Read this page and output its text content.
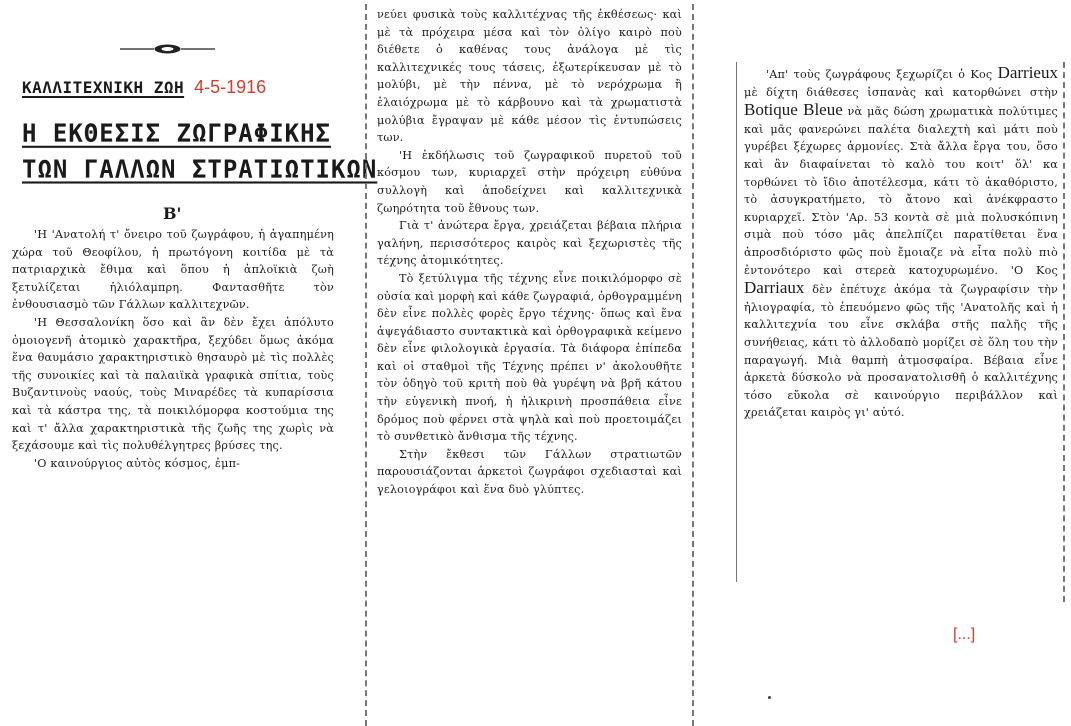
ΚΑΛΛΙΤΕΧΝΙΚΗ ΖΩΗ 4-5-1916
Η ΕΚΘΕΣΙΣ ΖΩΓΡΑΦΙΚΗΣ
ΤΩΝ ΓΑΛΛΩΝ ΣΤΡΑΤΙΩΤΙΚΩΝ
Β'

'Η 'Ανατολή τ' ὄνειρο τοῦ ζωγράφου, ἡ ἀγαπημένη χώρα τοῦ Θεοφίλου, ἡ πρωτόγονη κοιτίδα μὲ τὰ πατριαρχικὰ ἔθιμα καὶ ὅπου ἡ ἀπλοϊκιὰ ζωὴ ξετυλίζεται ἡλιόλαμπρη. Φαντασθῆτε τὸν ἐνθουσιασμὸ τῶν Γάλλων καλλιτεχνῶν.

'Η Θεσσαλονίκη ὅσο καὶ ἂν δὲν ἔχει ἀπόλυτο ὁμοιογενῆ ἀτομικὸ χαρακτῆρα, ξεχύδει ὅμως ἀκόμα ἕνα θαυμάσιο χαρακτηριστικὸ θησαυρὸ μὲ τὶς πολλὲς τῆς συνοικίες καὶ τὰ παλαιϊκὰ γραφικὰ σπίτια, τοὺς Βυζαντινοὺς ναούς, τοὺς Μιναρέδες τὰ κυπαρίσσια καὶ τὰ κάστρα της, τὰ ποικιλόμορφα κοστούμια της καὶ τ' ἄλλα χαρακτηριστικὰ τῆς ζωῆς της χωρὶς νὰ ξεχάσουμε καὶ τὶς πολυθέλγητρες βρύσες της.

'Ο καινούργιος αὐτὸς κόσμος, ἐμπ-

νεύει φυσικὰ τοὺς καλλιτέχνας τῆς ἐκθέσεως· καὶ μὲ τὰ πρόχειρα μέσα καὶ τὸν ὀλίγο καιρὸ ποὺ διέθετε ὁ καθένας τους ἀνάλογα μὲ τὶς καλλιτεχνικές τους τάσεις, ἐξωτερίκευσαν μὲ τὸ μολύβι, μὲ τὴν πέννα, μὲ τὸ νερόχρωμα ἢ ἐλαιόχρωμα μὲ τὸ κάρβουνο καὶ τὰ χρωματιστὰ μολύβια ἔγραψαν μὲ κάθε μέσον τὶς ἐντυπώσεις των.

'Η ἐκδήλωσις τοῦ ζωγραφικοῦ πυρετοῦ τοῦ κόσμου των, κυριαρχεῖ στὴν πρόχειρη εὐθύνα συλλογὴ καὶ ἀποδείχνει καὶ καλλιτεχνικὰ ζωηρότητα τοῦ ἔθνους των.

Γιὰ τ' ἀνώτερα ἔργα, χρειάζεται βέβαια πλήρια γαλήνη, περισσότερος καιρὸς καὶ ξεχωριστὲς τῆς τέχνης ἀτομικότητες.

Τὸ ξετύλιγμα τῆς τέχνης εἶνε ποικιλόμορφο σὲ οὐσία καὶ μορφὴ καὶ κάθε ζωγραφιά, ὀρθογραμμένη δὲν εἶνε πολλὲς φορὲς ἔργο τέχνης· ὅπως καὶ ἕνα ἀψεγάδιαστο συντακτικὰ καὶ ὀρθογραφικὰ κείμενο δὲν εἶνε φιλολογικὰ ἐργασία. Τὰ διάφορα ἐπίπεδα καὶ οἱ σταθμοὶ τῆς Τέχνης πρέπει ν' ἀκολουθῆτε τὸν ὁδηγὸ τοῦ κριτὴ ποὺ θὰ γυρέψη νὰ βρῆ κάτου τὴν εὐγενικὴ πνοή, ἡ ἠλικρινὴ προσπάθεια εἶνε δρόμος ποὺ φέρνει στὰ ψηλὰ καὶ ποὺ προετοιμάζει τὸ συνθετικὸ ἄνθισμα τῆς τέχνης.

Στὴν ἔκθεσι τῶν Γάλλων στρατιωτῶν παρουσιάζονται ἀρκετοὶ ζωγράφοι σχεδιασταὶ καὶ γελοιογράφοι καὶ ἕνα δυὸ γλύπτες.

'Απ' τοὺς ζωγράφους ξεχωρίζει ὁ Κος Darrieux μὲ δίχτη διάθεσες ἰσπανὰς καὶ κατορθώνει στὴν Botique Bleue νὰ μᾶς δώση χρωματικὰ πολύτιμες καὶ μᾶς φανερώνει παλέτα διαλεχτὴ καὶ μάτι ποὺ γυρέβει ξέχωρες ἁρμονίες. Στὰ ἄλλα ἔργα του, ὅσο καὶ ἂν διαφαίνεται τὸ καλὸ του κοιτ' ὅλ' κα τορθώνει τὸ ἴδιο ἀποτέλεσμα, κάτι τὸ ἀκαθόριστο, τὸ ἀσυγκρατήμετο, τὸ ἄτονο καὶ ἀνέκφραστο κυριαρχεῖ. Στὸν 'Αρ. 53 κοντὰ σὲ μιὰ πολυσκόπινη σιμὰ ποὺ τόσο μᾶς ἀπελπίζει παρατίθεται ἕνα ἀπροσδιόριστο φῶς ποὺ ἔμοιαζε νὰ εἶτα πολὺ πιὸ ἐντονότερο καὶ στερεὰ κατοχυρωμένο. 'Ο Κος Darriaux δὲν ἐπέτυχε ἀκόμα τὰ ζωγραφίσιν τὴν ἠλιογραφία, τὸ ἐπευόμενο φῶς τῆς 'Ανατολῆς καὶ ἡ καλλιτεχνία του εἶνε σκλάβα στῆς παλῆς τῆς συνήθειας, κάτι τὸ ἀλλοδαπὸ μορίζει σὲ ὅλη του τὴν παραγωγή. Μιὰ θαμπὴ ἀτμοσφαίρα. Βέβαια εἶνε ἀρκετὰ δύσκολο νὰ προσανατολισθῆ ὁ καλλιτέχνης τόσο εὔκολα σὲ καινούργιο περιβάλλον καὶ χρειάζεται καιρὸς γι' αὐτό.

[...]
